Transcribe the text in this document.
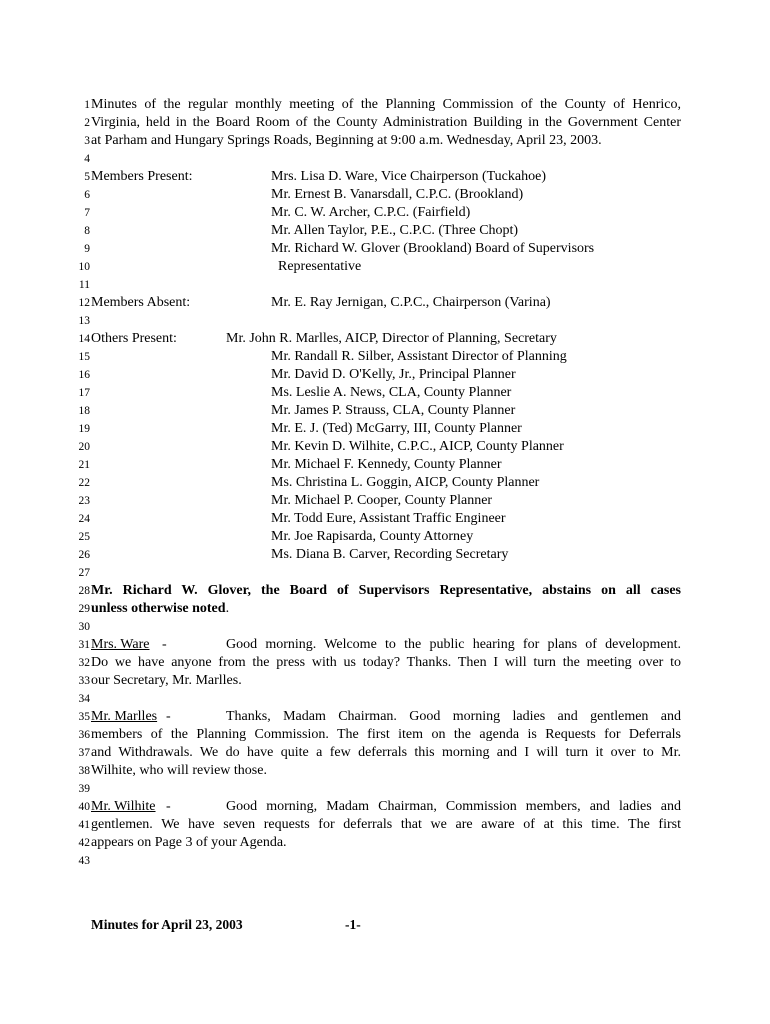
1 Minutes of the regular monthly meeting of the Planning Commission of the County of Henrico,
2 Virginia, held in the Board Room of the County Administration Building in the Government Center
3 at Parham and Hungary Springs Roads, Beginning at 9:00 a.m. Wednesday, April 23, 2003.
4
5 Members Present:	Mrs. Lisa D. Ware, Vice Chairperson (Tuckahoe)
6	Mr. Ernest B. Vanarsdall, C.P.C. (Brookland)
7	Mr. C. W. Archer, C.P.C. (Fairfield)
8	Mr. Allen Taylor, P.E., C.P.C. (Three Chopt)
9	Mr. Richard W. Glover (Brookland) Board of Supervisors
10	Representative
11
12 Members Absent:	Mr. E. Ray Jernigan, C.P.C., Chairperson (Varina)
13
14 Others Present:	Mr. John R. Marlles, AICP, Director of Planning, Secretary
15	Mr. Randall R. Silber, Assistant Director of Planning
16	Mr. David D. O'Kelly, Jr., Principal Planner
17	Ms. Leslie A. News, CLA, County Planner
18	Mr. James P. Strauss, CLA, County Planner
19	Mr. E. J. (Ted) McGarry, III, County Planner
20	Mr. Kevin D. Wilhite, C.P.C., AICP, County Planner
21	Mr. Michael F. Kennedy, County Planner
22	Ms. Christina L. Goggin, AICP, County Planner
23	Mr. Michael P. Cooper, County Planner
24	Mr. Todd Eure, Assistant Traffic Engineer
25	Mr. Joe Rapisarda, County Attorney
26	Ms. Diana B. Carver, Recording Secretary
27
28 Mr. Richard W. Glover, the Board of Supervisors Representative, abstains on all cases
29 unless otherwise noted.
30
31 Mrs. Ware -	Good morning. Welcome to the public hearing for plans of development.
32 Do we have anyone from the press with us today? Thanks. Then I will turn the meeting over to
33 our Secretary, Mr. Marlles.
34
35 Mr. Marlles -	Thanks, Madam Chairman. Good morning ladies and gentlemen and
36 members of the Planning Commission. The first item on the agenda is Requests for Deferrals
37 and Withdrawals. We do have quite a few deferrals this morning and I will turn it over to Mr.
38 Wilhite, who will review those.
39
40 Mr. Wilhite -	Good morning, Madam Chairman, Commission members, and ladies and
41 gentlemen. We have seven requests for deferrals that we are aware of at this time. The first
42 appears on Page 3 of your Agenda.
43
Minutes for April 23, 2003	-1-
